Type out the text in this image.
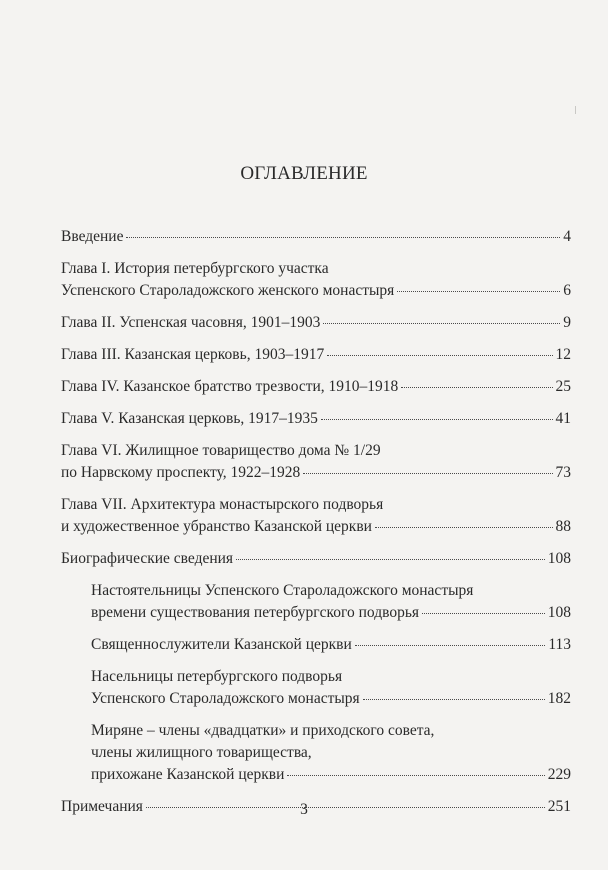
ОГЛАВЛЕНИЕ
Введение	4
Глава I. История петербургского участка
Успенского Староладожского женского монастыря	6
Глава II. Успенская часовня, 1901–1903	9
Глава III. Казанская церковь, 1903–1917	12
Глава IV. Казанское братство трезвости, 1910–1918	25
Глава V. Казанская церковь, 1917–1935	41
Глава VI. Жилищное товарищество дома № 1/29
по Нарвскому проспекту, 1922–1928	73
Глава VII. Архитектура монастырского подворья
и художественное убранство Казанской церкви	88
Биографические сведения	108
Настоятельницы Успенского Староладожского монастыря
времени существования петербургского подворья	108
Священнослужители Казанской церкви	113
Насельницы петербургского подворья
Успенского Староладожского монастыря	182
Миряне – члены «двадцатки» и приходского совета,
члены жилищного товарищества,
прихожане Казанской церкви	229
Примечания	251
3
